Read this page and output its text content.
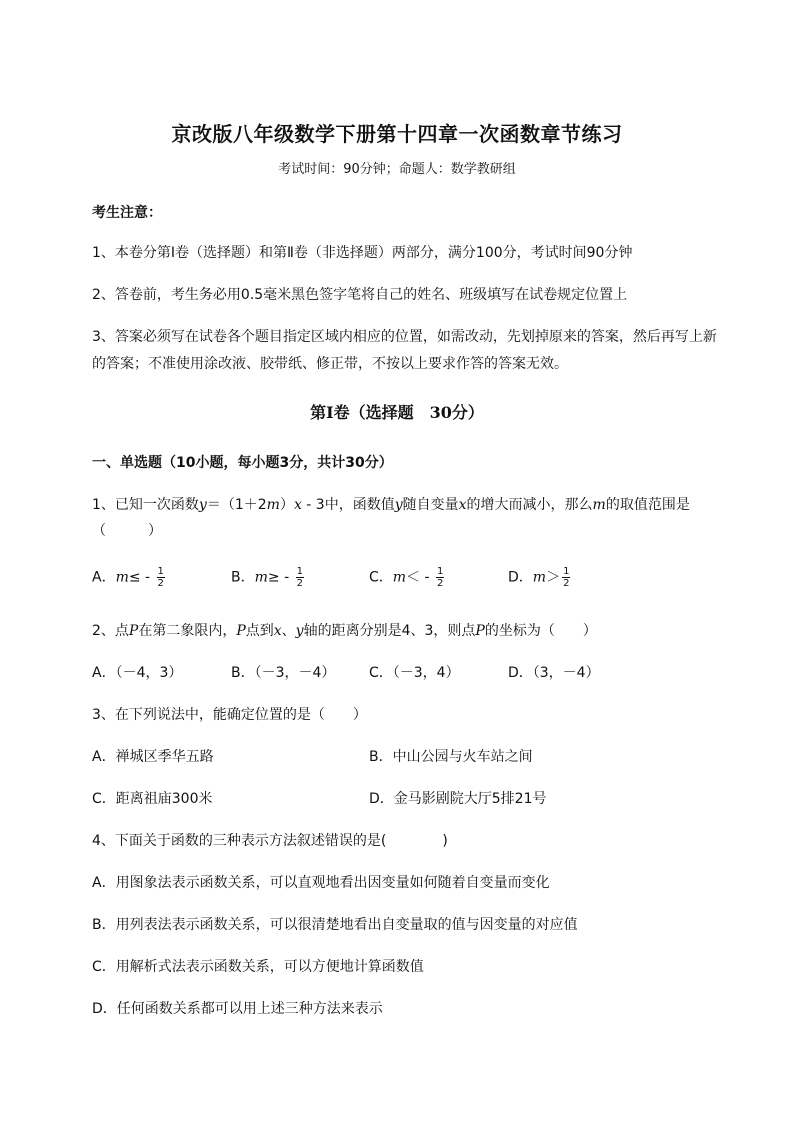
京改版八年级数学下册第十四章一次函数章节练习
考试时间：90分钟；命题人：数学教研组
考生注意：
1、本卷分第I卷（选择题）和第Ⅱ卷（非选择题）两部分，满分100分，考试时间90分钟
2、答卷前，考生务必用0.5毫米黑色签字笔将自己的姓名、班级填写在试卷规定位置上
3、答案必须写在试卷各个题目指定区域内相应的位置，如需改动，先划掉原来的答案，然后再写上新
的答案；不准使用涂改液、胶带纸、修正带，不按以上要求作答的答案无效。
第I卷（选择题　30分）
一、单选题（10小题，每小题3分，共计30分）
1、已知一次函数y＝（1＋2m）x - 3中，函数值y随自变量x的增大而减小，那么m的取值范围是
（　　　）
A．$m\le - \frac{1}{2}$	B．$m\ge - \frac{1}{2}$	C．$m< - \frac{1}{2}$	D．$m> \frac{1}{2}$
2、点P在第二象限内，P点到x、y轴的距离分别是4、3，则点P的坐标为（　　）
A．（－4，3）	B．（－3，－4） C．（－3，4）	D．（3，－4）
3、在下列说法中，能确定位置的是（　　）
A．禅城区季华五路	B．中山公园与火车站之间
C．距离祖庙300米	D．金马影剧院大厅5排21号
4、下面关于函数的三种表示方法叙述错误的是(　　　　)
A．用图象法表示函数关系，可以直观地看出因变量如何随着自变量而变化
B．用列表法表示函数关系，可以很清楚地看出自变量取的值与因变量的对应值
C．用解析式法表示函数关系，可以方便地计算函数值
D．任何函数关系都可以用上述三种方法来表示
